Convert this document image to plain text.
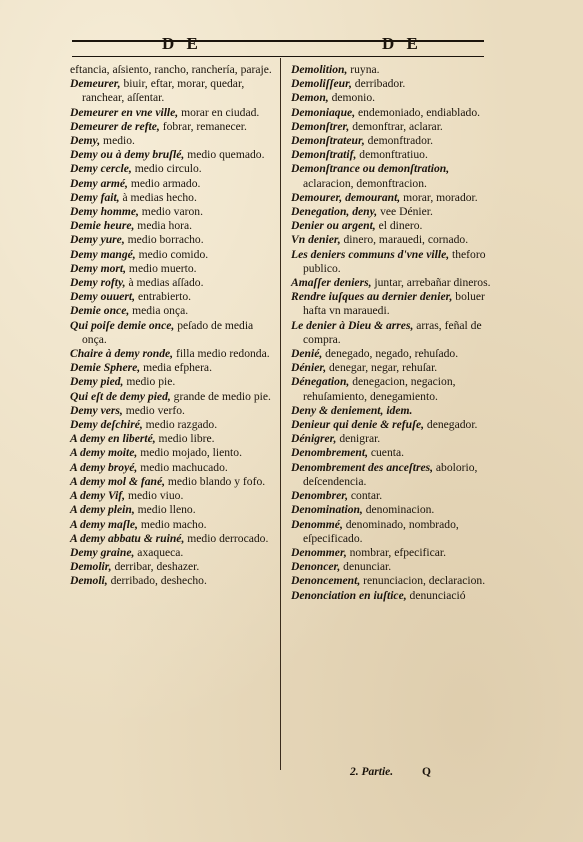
D E	D E

eftancia, aſsiento, rancho, ranchería, paraje.

Demeurer, biuir, eftar, morar, quedar, ranchear, aſſentar.

Demeurer en vne ville, morar en ciudad.

Demeurer de refte, fobrar, remanecer.

Demy, medio.

Demy ou à demy bruſlé, medio quemado.

Demy cercle, medio circulo.

Demy armé, medio armado.

Demy fait, à medias hecho.

Demy homme, medio varon.

Demie heure, media hora.

Demy yure, medio borracho.

Demy mangé, medio comido.

Demy mort, medio muerto.

Demy rofty, à medias aſſado.

Demy ouuert, entrabierto.

Demie once, media onça.

Qui poiſe demie once, peſado de media onça.

Chaire à demy ronde, filla medio redonda.

Demie Sphere, media efphera.

Demy pied, medio pie.

Qui eſt de demy pied, grande de medio pie.

Demy vers, medio verfo.

Demy deſchiré, medio razgado.

A demy en liberté, medio libre.

A demy moite, medio mojado, liento.

A demy broyé, medio machucado.

A demy mol & fané, medio blando y fofo.

A demy Vif, medio viuo.

A demy plein, medio lleno.

A demy maſle, medio macho.

A demy abbatu & ruiné, medio derrocado.

Demy graine, axaqueca.

Demolir, derribar, deshazer.

Demoli, derribado, deshecho.

Demolition, ruyna.

Demoliſſeur, derribador.

Demon, demonio.

Demoniaque, endemoniado, endiablado.

Demonſtrer, demonftrar, aclarar.

Demonſtrateur, demonftrador.

Demonſtratif, demonftratiuo.

Demonſtrance ou demonſtration, aclaracion, demonftracion.

Demourer, demourant, morar, morador.

Denegation, deny, vee Dénier.

Denier ou argent, el dinero.

Vn denier, dinero, marauedi, cornado.

Les deniers communs d'vne ville, theforo publico.

Amaſſer deniers, juntar, arrebañar dineros.

Rendre iuſques au dernier denier, boluer hafta vn marauedi.

Le denier à Dieu & arres, arras, feñal de compra.

Denié, denegado, negado, rehuſado.

Dénier, denegar, negar, rehuſar.

Dénegation, denegacion, negacion, rehuſamiento, denegamiento.

Deny & deniement, idem.

Denieur qui denie & refuſe, denegador.

Dénigrer, denigrar.

Denombrement, cuenta.

Denombrement des anceſtres, abolorio, deſcendencia.

Denombrer, contar.

Denomination, denominacion.

Denommé, denominado, nombrado, eſpecificado.

Denommer, nombrar, efpecificar.

Denoncer, denunciar.

Denoncement, renunciacion, declaracion.

Denonciation en iuſtice, denunciació

2. Partie.	Q
